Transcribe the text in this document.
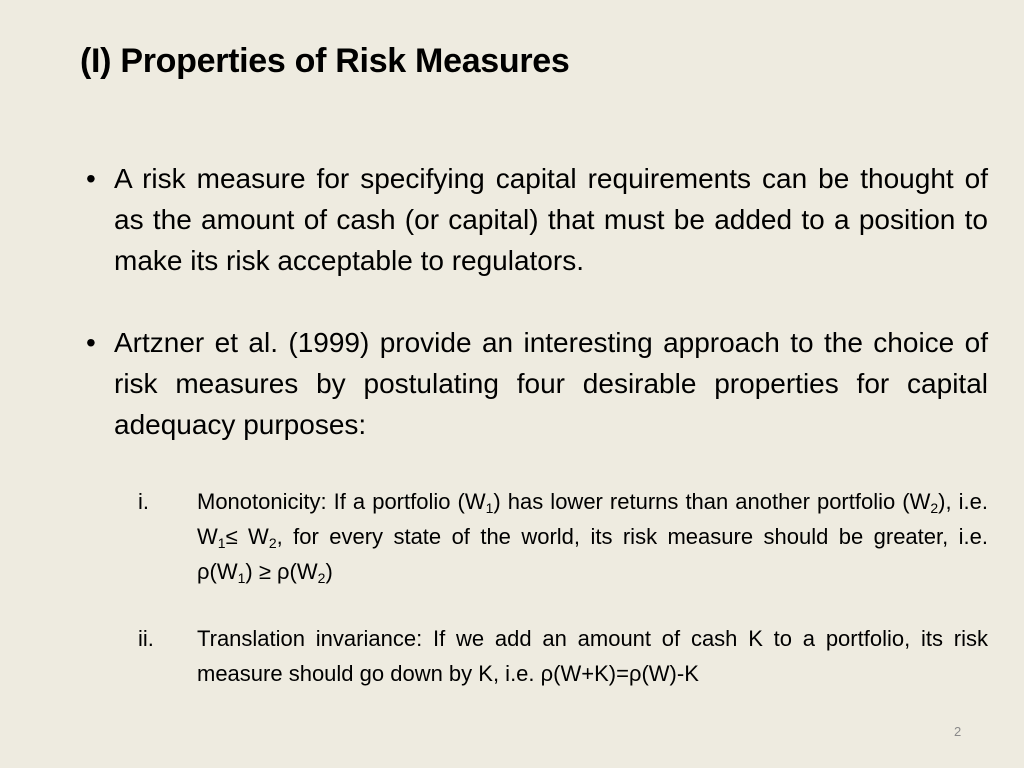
(I) Properties of Risk Measures
• A risk measure for specifying capital requirements can be thought of as the amount of cash (or capital) that must be added to a position to make its risk acceptable to regulators.
• Artzner et al. (1999) provide an interesting approach to the choice of risk measures by postulating four desirable properties for capital adequacy purposes:
i. Monotonicity: If a portfolio $(W_1)$ has lower returns than another portfolio $(W_2)$, i.e. $W_1\le W_2$, for every state of the world, its risk measure should be greater, i.e. $\rho(W_1) \ge \rho(W_2)$
ii. Translation invariance: If we add an amount of cash K to a portfolio, its risk measure should go down by K, i.e. ρ(W+K)=ρ(W)-K
2
